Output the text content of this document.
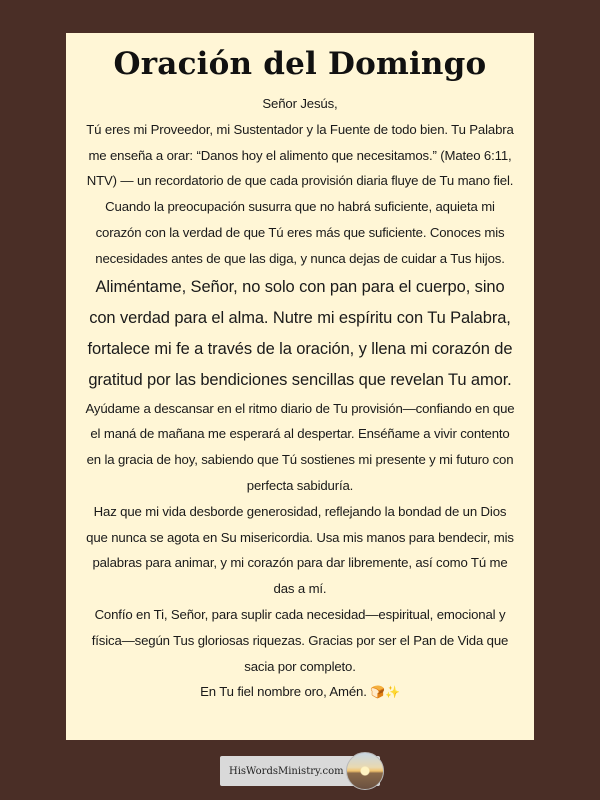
Oración del Domingo

Señor Jesús,
Tú eres mi Proveedor, mi Sustentador y la Fuente de todo bien. Tu Palabra me enseña a orar: “Danos hoy el alimento que necesitamos.” (Mateo 6:11, NTV) — un recordatorio de que cada provisión diaria fluye de Tu mano fiel.

Cuando la preocupación susurra que no habrá suficiente, aquieta mi corazón con la verdad de que Tú eres más que suficiente. Conoces mis necesidades antes de que las diga, y nunca dejas de cuidar a Tus hijos.

Aliméntame, Señor, no solo con pan para el cuerpo, sino con verdad para el alma. Nutre mi espíritu con Tu Palabra, fortalece mi fe a través de la oración, y llena mi corazón de gratitud por las bendiciones sencillas que revelan Tu amor.

Ayúdame a descansar en el ritmo diario de Tu provisión—confiando en que el maná de mañana me esperará al despertar. Enséñame a vivir contento en la gracia de hoy, sabiendo que Tú sostienes mi presente y mi futuro con perfecta sabiduría.

Haz que mi vida desborde generosidad, reflejando la bondad de un Dios que nunca se agota en Su misericordia. Usa mis manos para bendecir, mis palabras para animar, y mi corazón para dar libremente, así como Tú me das a mí.

Confío en Ti, Señor, para suplir cada necesidad—espiritual, emocional y física—según Tus gloriosas riquezas. Gracias por ser el Pan de Vida que sacia por completo.

En Tu fiel nombre oro, Amén. 🍞✨

HisWordsMinistry.com
